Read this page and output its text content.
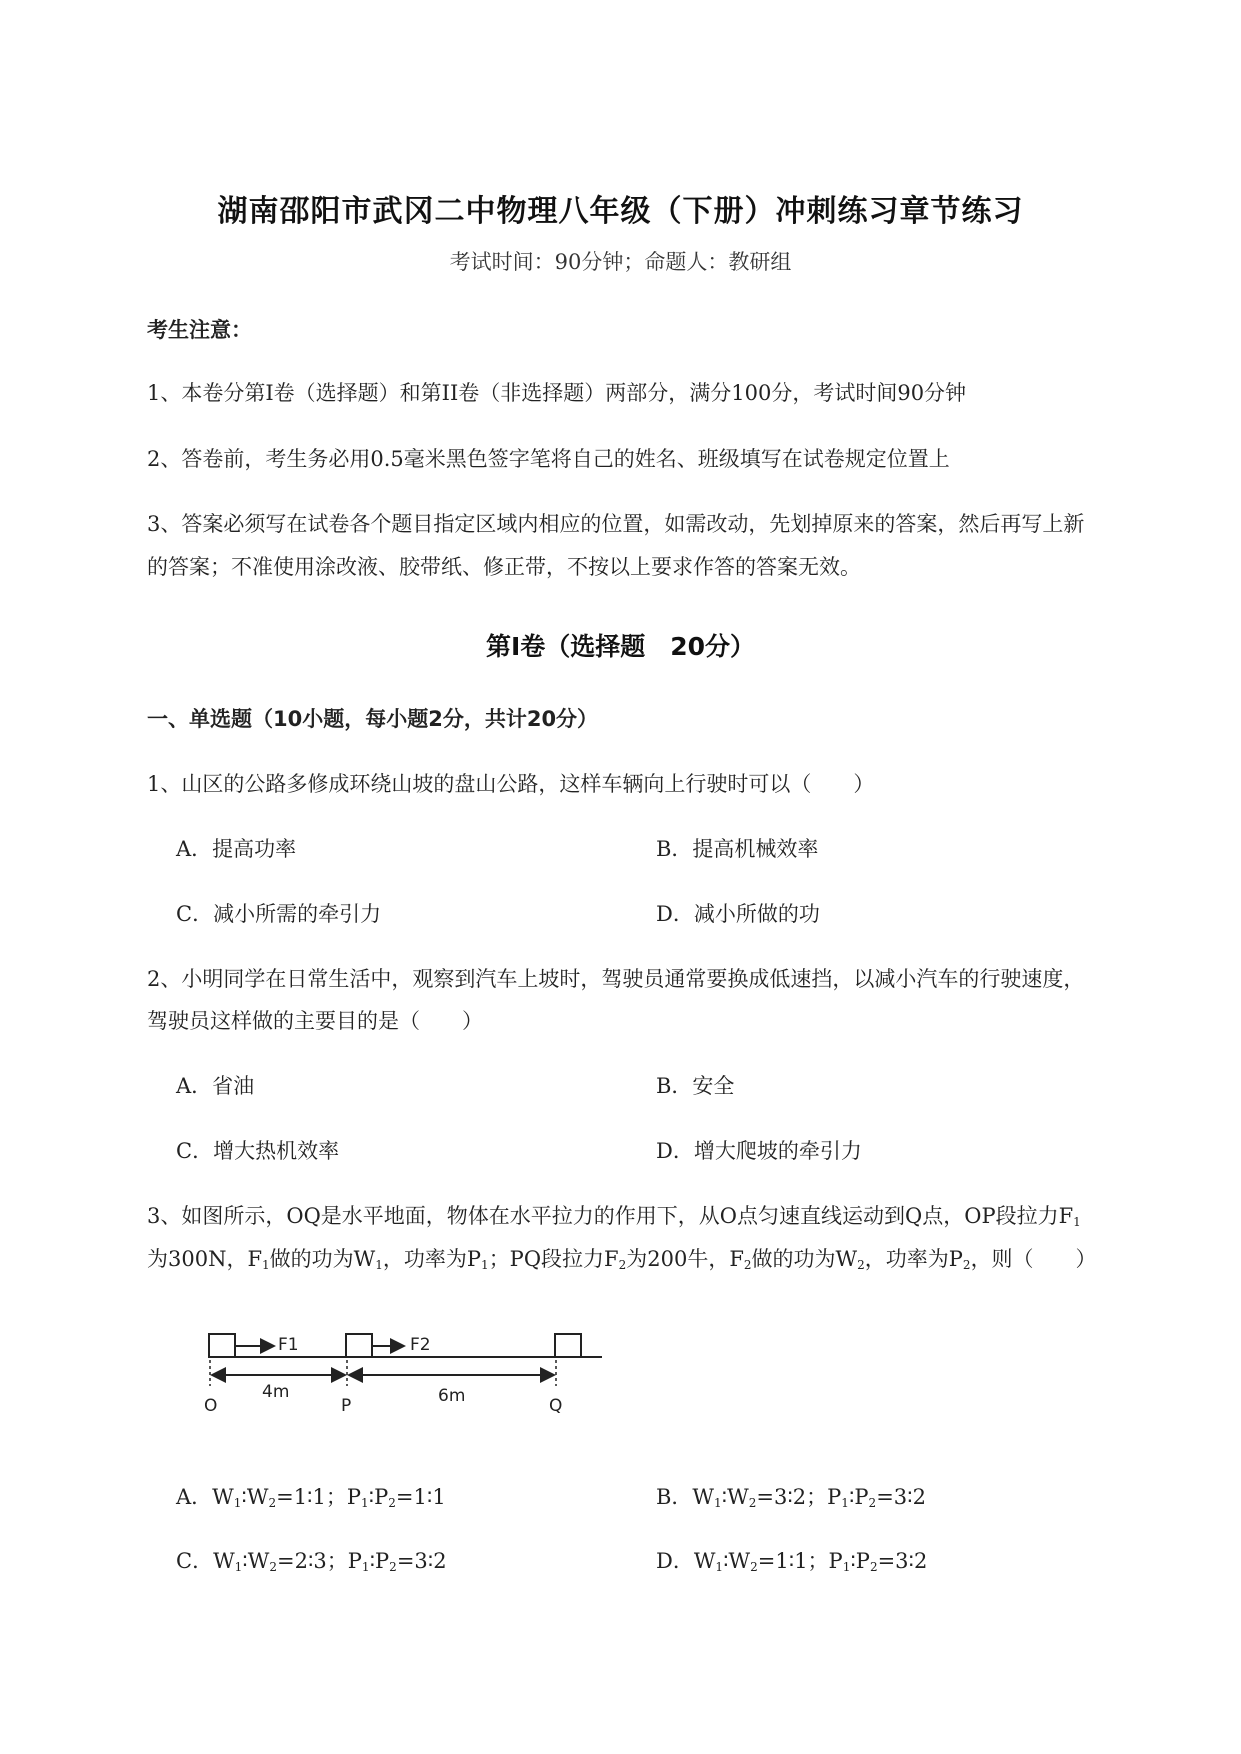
湖南邵阳市武冈二中物理八年级（下册）冲刺练习章节练习
考试时间：90分钟；命题人：教研组
考生注意：
1、本卷分第I卷（选择题）和第II卷（非选择题）两部分，满分100分，考试时间90分钟
2、答卷前，考生务必用0.5毫米黑色签字笔将自己的姓名、班级填写在试卷规定位置上
3、答案必须写在试卷各个题目指定区域内相应的位置，如需改动，先划掉原来的答案，然后再写上新
的答案；不准使用涂改液、胶带纸、修正带，不按以上要求作答的答案无效。
第I卷（选择题　20分）
一、单选题（10小题，每小题2分，共计20分）
1、山区的公路多修成环绕山坡的盘山公路，这样车辆向上行驶时可以（　　）
A．提高功率	B．提高机械效率
C．减小所需的牵引力	D．减小所做的功
2、小明同学在日常生活中，观察到汽车上坡时，驾驶员通常要换成低速挡，以减小汽车的行驶速度，
驾驶员这样做的主要目的是（　　）
A．省油	B．安全
C．增大热机效率	D．增大爬坡的牵引力
3、如图所示，OQ是水平地面，物体在水平拉力的作用下，从O点匀速直线运动到Q点，OP段拉力$F_1$
为300N，$F_1$做的功为$W_1$，功率为$P_1$；PQ段拉力$F_2$为200牛，$F_2$做的功为$W_2$，功率为$P_2$，则（　　）
F1	F2
4m	6m
O	P	Q
A．$W_1∶W_2=1∶1$；$P_1∶P_2=1∶1$	B．$W_1∶W_2=3∶2$；$P_1∶P_2=3∶2$
C．$W_1∶W_2=2∶3$；$P_1∶P_2=3∶2$	D．$W_1∶W_2=1∶1$；$P_1∶P_2=3∶2$
